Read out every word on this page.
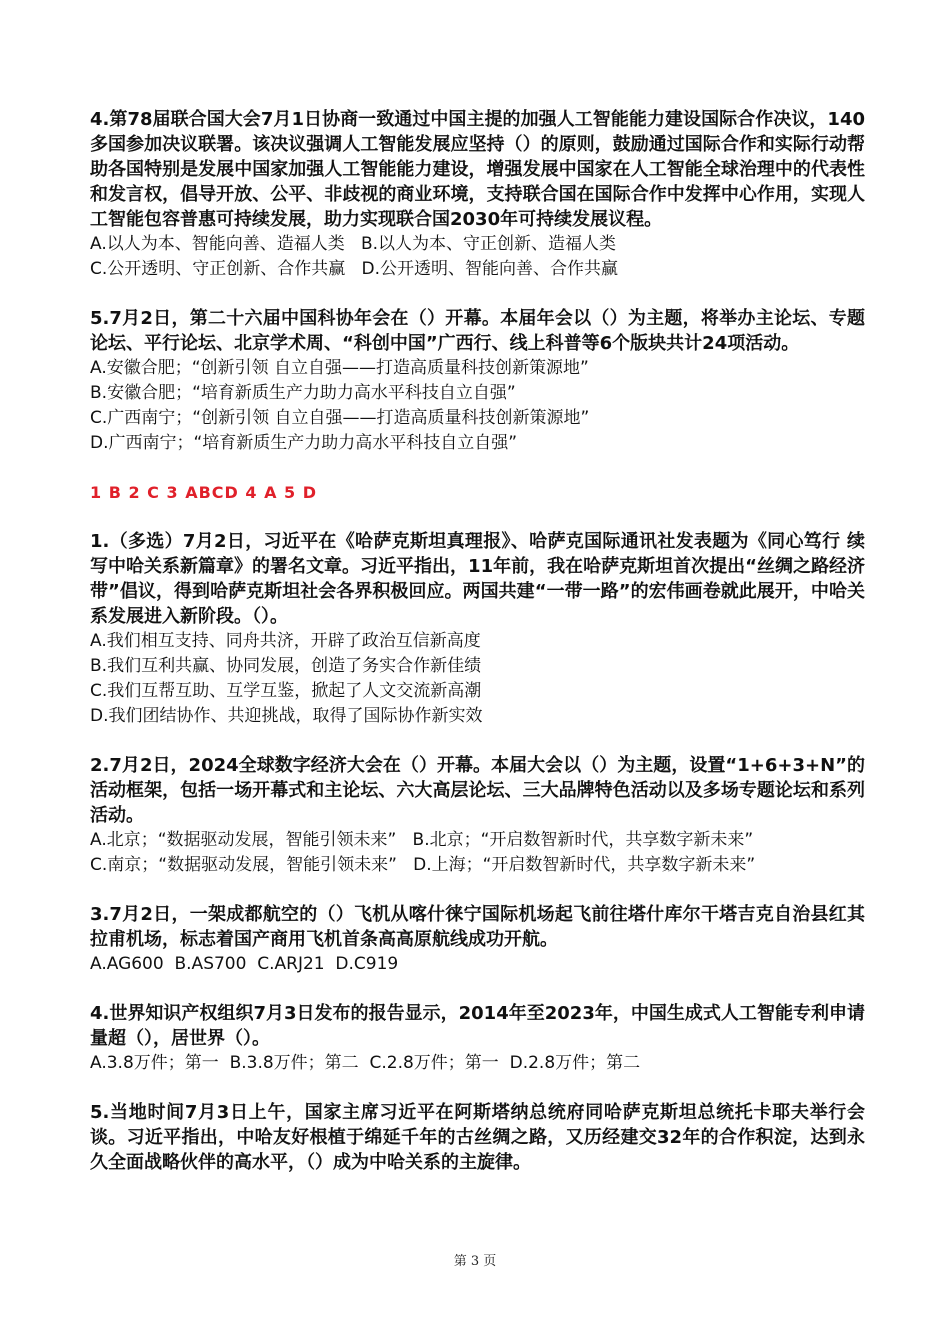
4.第78届联合国大会7月1日协商一致通过中国主提的加强人工智能能力建设国际合作决议，140多国参加决议联署。该决议强调人工智能发展应坚持（）的原则，鼓励通过国际合作和实际行动帮助各国特别是发展中国家加强人工智能能力建设，增强发展中国家在人工智能全球治理中的代表性和发言权，倡导开放、公平、非歧视的商业环境，支持联合国在国际合作中发挥中心作用，实现人工智能包容普惠可持续发展，助力实现联合国2030年可持续发展议程。

A.以人为本、智能向善、造福人类   B.以人为本、守正创新、造福人类

C.公开透明、守正创新、合作共赢   D.公开透明、智能向善、合作共赢

5.7月2日，第二十六届中国科协年会在（）开幕。本届年会以（）为主题，将举办主论坛、专题论坛、平行论坛、北京学术周、“科创中国”广西行、线上科普等6个版块共计24项活动。

A.安徽合肥；“创新引领 自立自强——打造高质量科技创新策源地”

B.安徽合肥；“培育新质生产力助力高水平科技自立自强”

C.广西南宁；“创新引领 自立自强——打造高质量科技创新策源地”

D.广西南宁；“培育新质生产力助力高水平科技自立自强”

1 B 2 C 3 ABCD 4 A 5 D

1.（多选）7月2日，习近平在《哈萨克斯坦真理报》、哈萨克国际通讯社发表题为《同心笃行 续写中哈关系新篇章》的署名文章。习近平指出，11年前，我在哈萨克斯坦首次提出“丝绸之路经济带”倡议，得到哈萨克斯坦社会各界积极回应。两国共建“一带一路”的宏伟画卷就此展开，中哈关系发展进入新阶段。（）。

A.我们相互支持、同舟共济，开辟了政治互信新高度

B.我们互利共赢、协同发展，创造了务实合作新佳绩

C.我们互帮互助、互学互鉴，掀起了人文交流新高潮

D.我们团结协作、共迎挑战，取得了国际协作新实效

2.7月2日，2024全球数字经济大会在（）开幕。本届大会以（）为主题，设置“1+6+3+N”的活动框架，包括一场开幕式和主论坛、六大高层论坛、三大品牌特色活动以及多场专题论坛和系列活动。

A.北京；“数据驱动发展，智能引领未来”   B.北京；“开启数智新时代，共享数字新未来”

C.南京；“数据驱动发展，智能引领未来”   D.上海；“开启数智新时代，共享数字新未来”

3.7月2日，一架成都航空的（）飞机从喀什徕宁国际机场起飞前往塔什库尔干塔吉克自治县红其拉甫机场，标志着国产商用飞机首条高高原航线成功开航。

A.AG600  B.AS700  C.ARJ21  D.C919

4.世界知识产权组织7月3日发布的报告显示，2014年至2023年，中国生成式人工智能专利申请量超（），居世界（）。

A.3.8万件；第一  B.3.8万件；第二  C.2.8万件；第一  D.2.8万件；第二

5.当地时间7月3日上午，国家主席习近平在阿斯塔纳总统府同哈萨克斯坦总统托卡耶夫举行会谈。习近平指出，中哈友好根植于绵延千年的古丝绸之路，又历经建交32年的合作积淀，达到永久全面战略伙伴的高水平，（）成为中哈关系的主旋律。

第 3 页
